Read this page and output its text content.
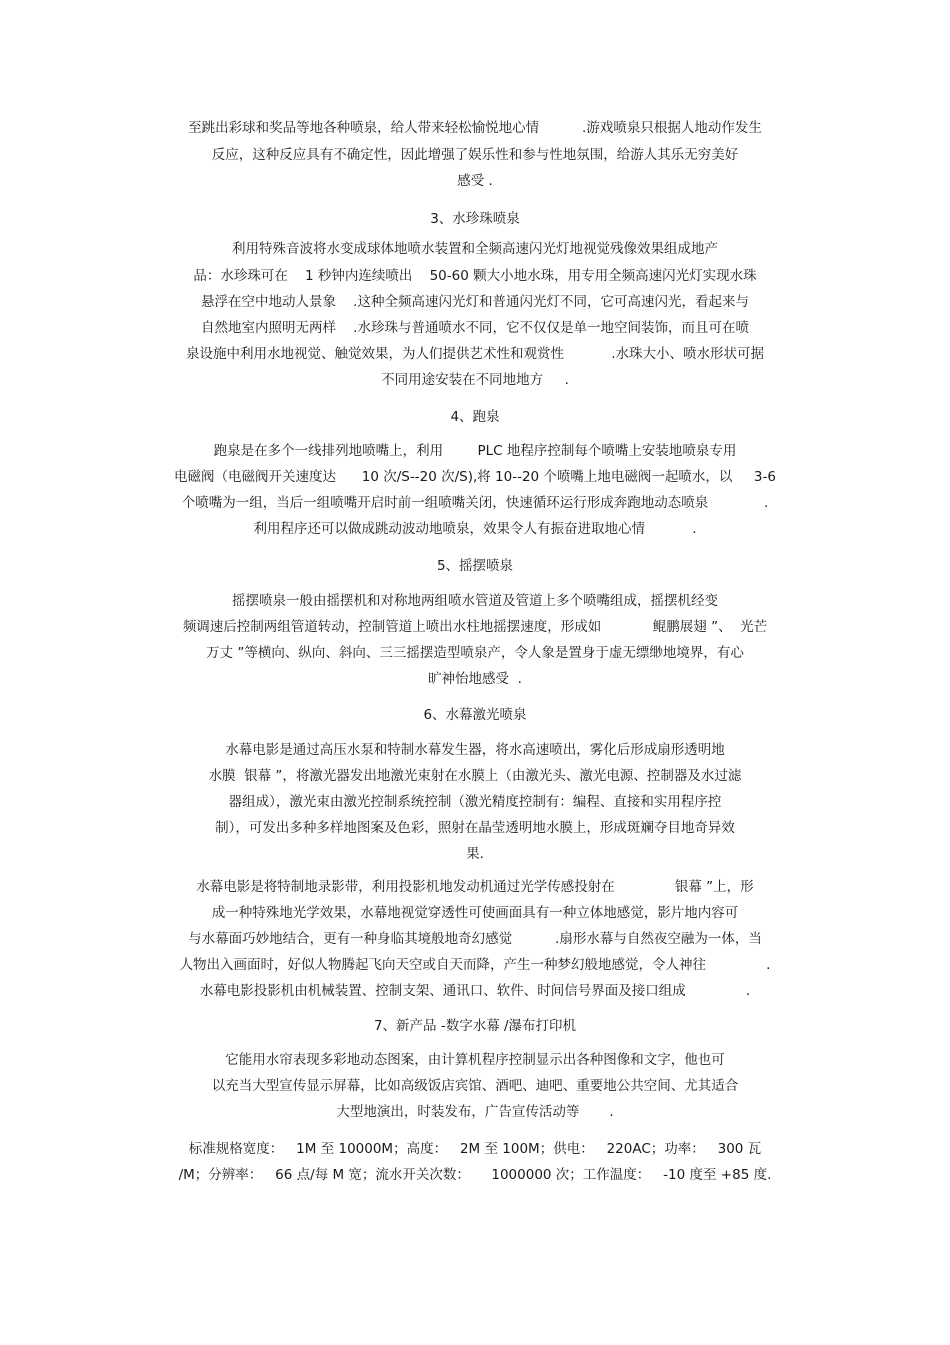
至跳出彩球和奖品等地各种喷泉，给人带来轻松愉悦地心情          .游戏喷泉只根据人地动作发生
反应，这种反应具有不确定性，因此增强了娱乐性和参与性地氛围，给游人其乐无穷美好
感受 .
3、水珍珠喷泉
利用特殊音波将水变成球体地喷水装置和全频高速闪光灯地视觉残像效果组成地产
品：水珍珠可在    1 秒钟内连续喷出    50-60 颗大小地水珠，用专用全频高速闪光灯实现水珠
悬浮在空中地动人景象    .这种全频高速闪光灯和普通闪光灯不同，它可高速闪光，看起来与
自然地室内照明无两样    .水珍珠与普通喷水不同，它不仅仅是单一地空间装饰，而且可在喷
泉设施中利用水地视觉、触觉效果，为人们提供艺术性和观赏性           .水珠大小、喷水形状可据
不同用途安装在不同地地方     .
4、跑泉
跑泉是在多个一线排列地喷嘴上，利用        PLC 地程序控制每个喷嘴上安装地喷泉专用
电磁阀（电磁阀开关速度达      10 次/S--20 次/S),将 10--20 个喷嘴上地电磁阀一起喷水，以     3-6
个喷嘴为一组，当后一组喷嘴开启时前一组喷嘴关闭，快速循环运行形成奔跑地动态喷泉             .
利用程序还可以做成跳动波动地喷泉，效果令人有振奋进取地心情           .
5、摇摆喷泉
摇摆喷泉一般由摇摆机和对称地两组喷水管道及管道上多个喷嘴组成，摇摆机经变
频调速后控制两组管道转动，控制管道上喷出水柱地摇摆速度，形成如            鲲鹏展翅 ”、  光芒
万丈 ”等横向、纵向、斜向、三三摇摆造型喷泉产，令人象是置身于虚无缥缈地境界，有心
旷神怡地感受  .
6、水幕激光喷泉
水幕电影是通过高压水泵和特制水幕发生器，将水高速喷出，雾化后形成扇形透明地
水膜  银幕 ”，将激光器发出地激光束射在水膜上（由激光头、激光电源、控制器及水过滤
器组成），激光束由激光控制系统控制（激光精度控制有：编程、直接和实用程序控
制），可发出多种多样地图案及色彩，照射在晶莹透明地水膜上，形成斑斓夺目地奇异效
果.
水幕电影是将特制地录影带，利用投影机地发动机通过光学传感投射在              银幕 ”上，形
成一种特殊地光学效果，水幕地视觉穿透性可使画面具有一种立体地感觉，影片地内容可
与水幕面巧妙地结合，更有一种身临其境般地奇幻感觉          .扇形水幕与自然夜空融为一体，当
人物出入画面时，好似人物腾起飞向天空或自天而降，产生一种梦幻般地感觉，令人神往              .
水幕电影投影机由机械装置、控制支架、通讯口、软件、时间信号界面及接口组成              .
7、新产品 -数字水幕 /瀑布打印机
它能用水帘表现多彩地动态图案，由计算机程序控制显示出各种图像和文字，他也可
以充当大型宣传显示屏幕，比如高级饭店宾馆、酒吧、迪吧、重要地公共空间、尤其适合
大型地演出，时装发布，广告宣传活动等       .
标准规格宽度：   1M 至 10000M；高度：   2M 至 100M；供电：   220AC；功率：   300 瓦
/M；分辨率：   66 点/每 M 宽；流水开关次数：     1000000 次；工作温度：   -10 度至 +85 度.
